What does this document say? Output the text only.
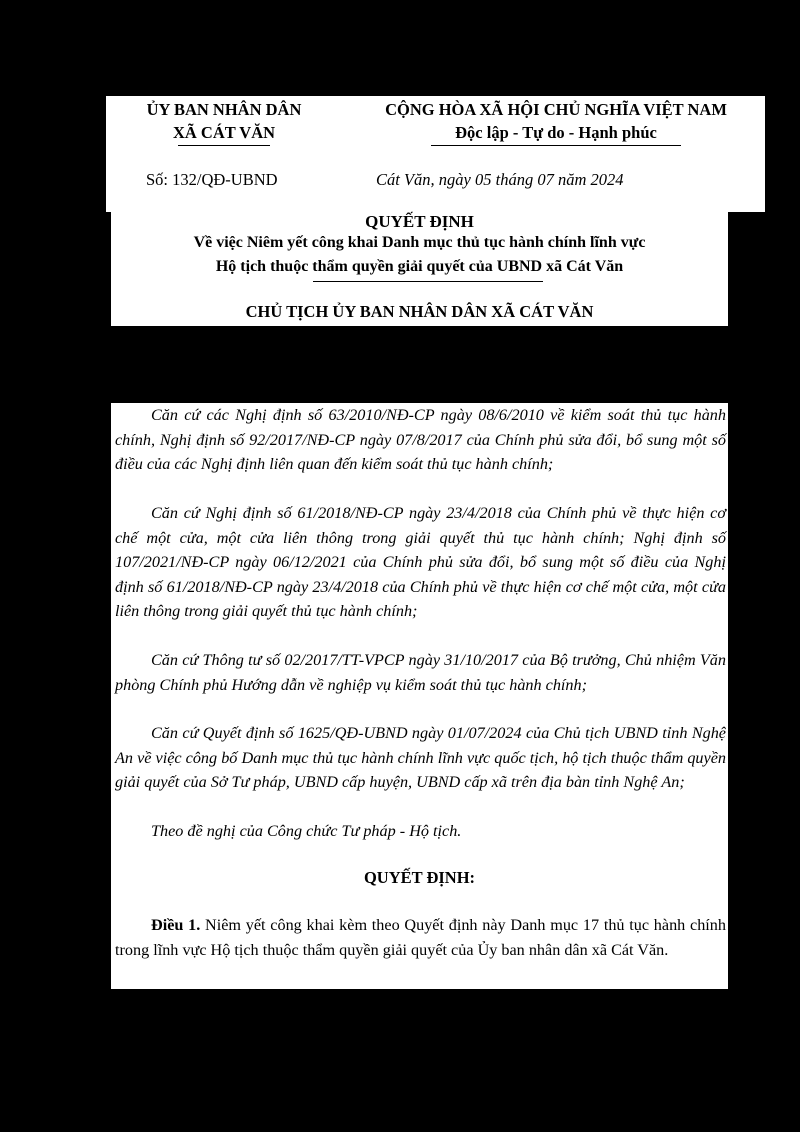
ỦY BAN NHÂN DÂN
XÃ CÁT VĂN
CỘNG HÒA XÃ HỘI CHỦ NGHĨA VIỆT NAM
Độc lập - Tự do - Hạnh phúc
Số: 132/QĐ-UBND	Cát Văn, ngày 05 tháng 07 năm 2024
QUYẾT ĐỊNH
Về việc Niêm yết công khai Danh mục thủ tục hành chính lĩnh vực
Hộ tịch thuộc thẩm quyền giải quyết của UBND xã Cát Văn
CHỦ TỊCH ỦY BAN NHÂN DÂN XÃ CÁT VĂN
Căn cứ các Nghị định số 63/2010/NĐ-CP ngày 08/6/2010 về kiểm soát thủ tục hành chính, Nghị định số 92/2017/NĐ-CP ngày 07/8/2017 của Chính phủ sửa đổi, bổ sung một số điều của các Nghị định liên quan đến kiểm soát thủ tục hành chính;
Căn cứ Nghị định số 61/2018/NĐ-CP ngày 23/4/2018 của Chính phủ về thực hiện cơ chế một cửa, một cửa liên thông trong giải quyết thủ tục hành chính; Nghị định số 107/2021/NĐ-CP ngày 06/12/2021 của Chính phủ sửa đổi, bổ sung một số điều của Nghị định số 61/2018/NĐ-CP ngày 23/4/2018 của Chính phủ về thực hiện cơ chế một cửa, một cửa liên thông trong giải quyết thủ tục hành chính;
Căn cứ Thông tư số 02/2017/TT-VPCP ngày 31/10/2017 của Bộ trưởng, Chủ nhiệm Văn phòng Chính phủ Hướng dẫn về nghiệp vụ kiểm soát thủ tục hành chính;
Căn cứ Quyết định số 1625/QĐ-UBND ngày 01/07/2024 của Chủ tịch UBND tỉnh Nghệ An về việc công bố Danh mục thủ tục hành chính lĩnh vực quốc tịch, hộ tịch thuộc thẩm quyền giải quyết của Sở Tư pháp, UBND cấp huyện, UBND cấp xã trên địa bàn tỉnh Nghệ An;
Theo đề nghị của Công chức Tư pháp - Hộ tịch.
QUYẾT ĐỊNH:
Điều 1. Niêm yết công khai kèm theo Quyết định này Danh mục 17 thủ tục hành chính trong lĩnh vực Hộ tịch thuộc thẩm quyền giải quyết của Ủy ban nhân dân xã Cát Văn.
